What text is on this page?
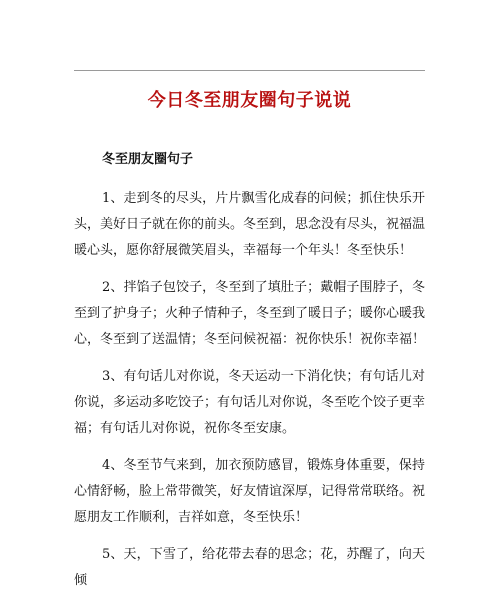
今日冬至朋友圈句子说说

冬至朋友圈句子

1、走到冬的尽头，片片飘雪化成春的问候；抓住快乐开头，美好日子就在你的前头。冬至到，思念没有尽头，祝福温暖心头，愿你舒展微笑眉头，幸福每一个年头！冬至快乐！

2、拌馅子包饺子，冬至到了填肚子；戴帽子围脖子，冬至到了护身子；火种子情种子，冬至到了暖日子；暖你心暖我心，冬至到了送温情；冬至问候祝福：祝你快乐！祝你幸福！

3、有句话儿对你说，冬天运动一下消化快；有句话儿对你说，多运动多吃饺子；有句话儿对你说，冬至吃个饺子更幸福；有句话儿对你说，祝你冬至安康。

4、冬至节气来到，加衣预防感冒，锻炼身体重要，保持心情舒畅，脸上常带微笑，好友情谊深厚，记得常常联络。祝愿朋友工作顺利，吉祥如意，冬至快乐！

5、天，下雪了，给花带去春的思念；花，苏醒了，向天倾
